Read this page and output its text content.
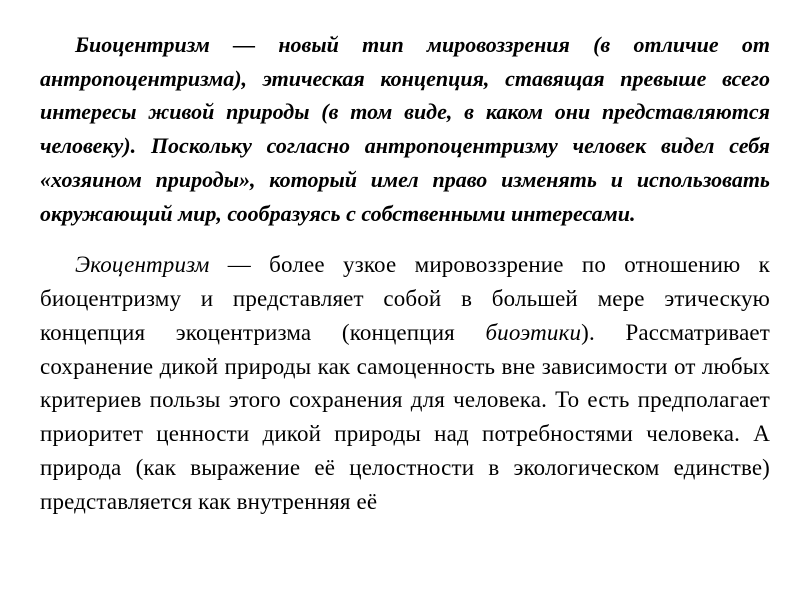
Биоцентризм — новый тип мировоззрения (в отличие от антропоцентризма), этическая концепция, ставящая превыше всего интересы живой природы (в том виде, в каком они представляются человеку). Поскольку согласно антропоцентризму человек видел себя «хозяином природы», который имел право изменять и использовать окружающий мир, сообразуясь с собственными интересами.

Экоцентризм — более узкое мировоззрение по отношению к биоцентризму и представляет собой в большей мере этическую концепция экоцентризма (концепция биоэтики). Рассматривает сохранение дикой природы как самоценность вне зависимости от любых критериев пользы этого сохранения для человека. То есть предполагает приоритет ценности дикой природы над потребностями человека. А природа (как выражение её целостности в экологическом единстве) представляется как внутренняя её
